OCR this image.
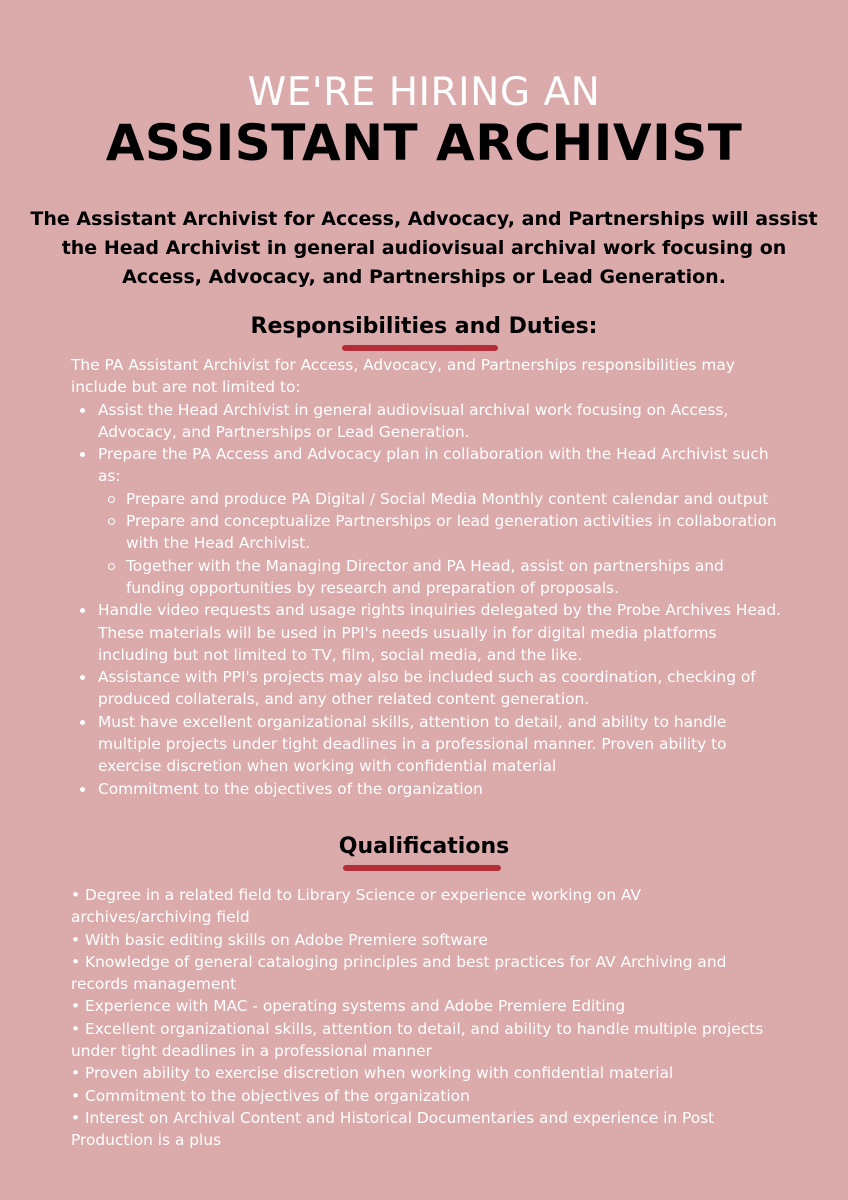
WE'RE HIRING AN
ASSISTANT ARCHIVIST
The Assistant Archivist for Access, Advocacy, and Partnerships will assist the Head Archivist in general audiovisual archival work focusing on Access, Advocacy, and Partnerships or Lead Generation.
Responsibilities and Duties:

The PA Assistant Archivist for Access, Advocacy, and Partnerships responsibilities may include but are not limited to:

Assist the Head Archivist in general audiovisual archival work focusing on Access, Advocacy, and Partnerships or Lead Generation.
Prepare the PA Access and Advocacy plan in collaboration with the Head Archivist such as:
Prepare and produce PA Digital / Social Media Monthly content calendar and output
Prepare and conceptualize Partnerships or lead generation activities in collaboration with the Head Archivist.
Together with the Managing Director and PA Head, assist on partnerships and funding opportunities by research and preparation of proposals.
Handle video requests and usage rights inquiries delegated by the Probe Archives Head. These materials will be used in PPI's needs usually in for digital media platforms including but not limited to TV, film, social media, and the like.
Assistance with PPI's projects may also be included such as coordination, checking of produced collaterals, and any other related content generation.
Must have excellent organizational skills, attention to detail, and ability to handle multiple projects under tight deadlines in a professional manner. Proven ability to exercise discretion when working with confidential material
Commitment to the objectives of the organization
Qualifications
• Degree in a related field to Library Science or experience working on AV archives/archiving field
• With basic editing skills on Adobe Premiere software
• Knowledge of general cataloging principles and best practices for AV Archiving and records management
• Experience with MAC - operating systems and Adobe Premiere Editing
• Excellent organizational skills, attention to detail, and ability to handle multiple projects under tight deadlines in a professional manner
• Proven ability to exercise discretion when working with confidential material
• Commitment to the objectives of the organization
• Interest on Archival Content and Historical Documentaries and experience in Post Production is a plus
